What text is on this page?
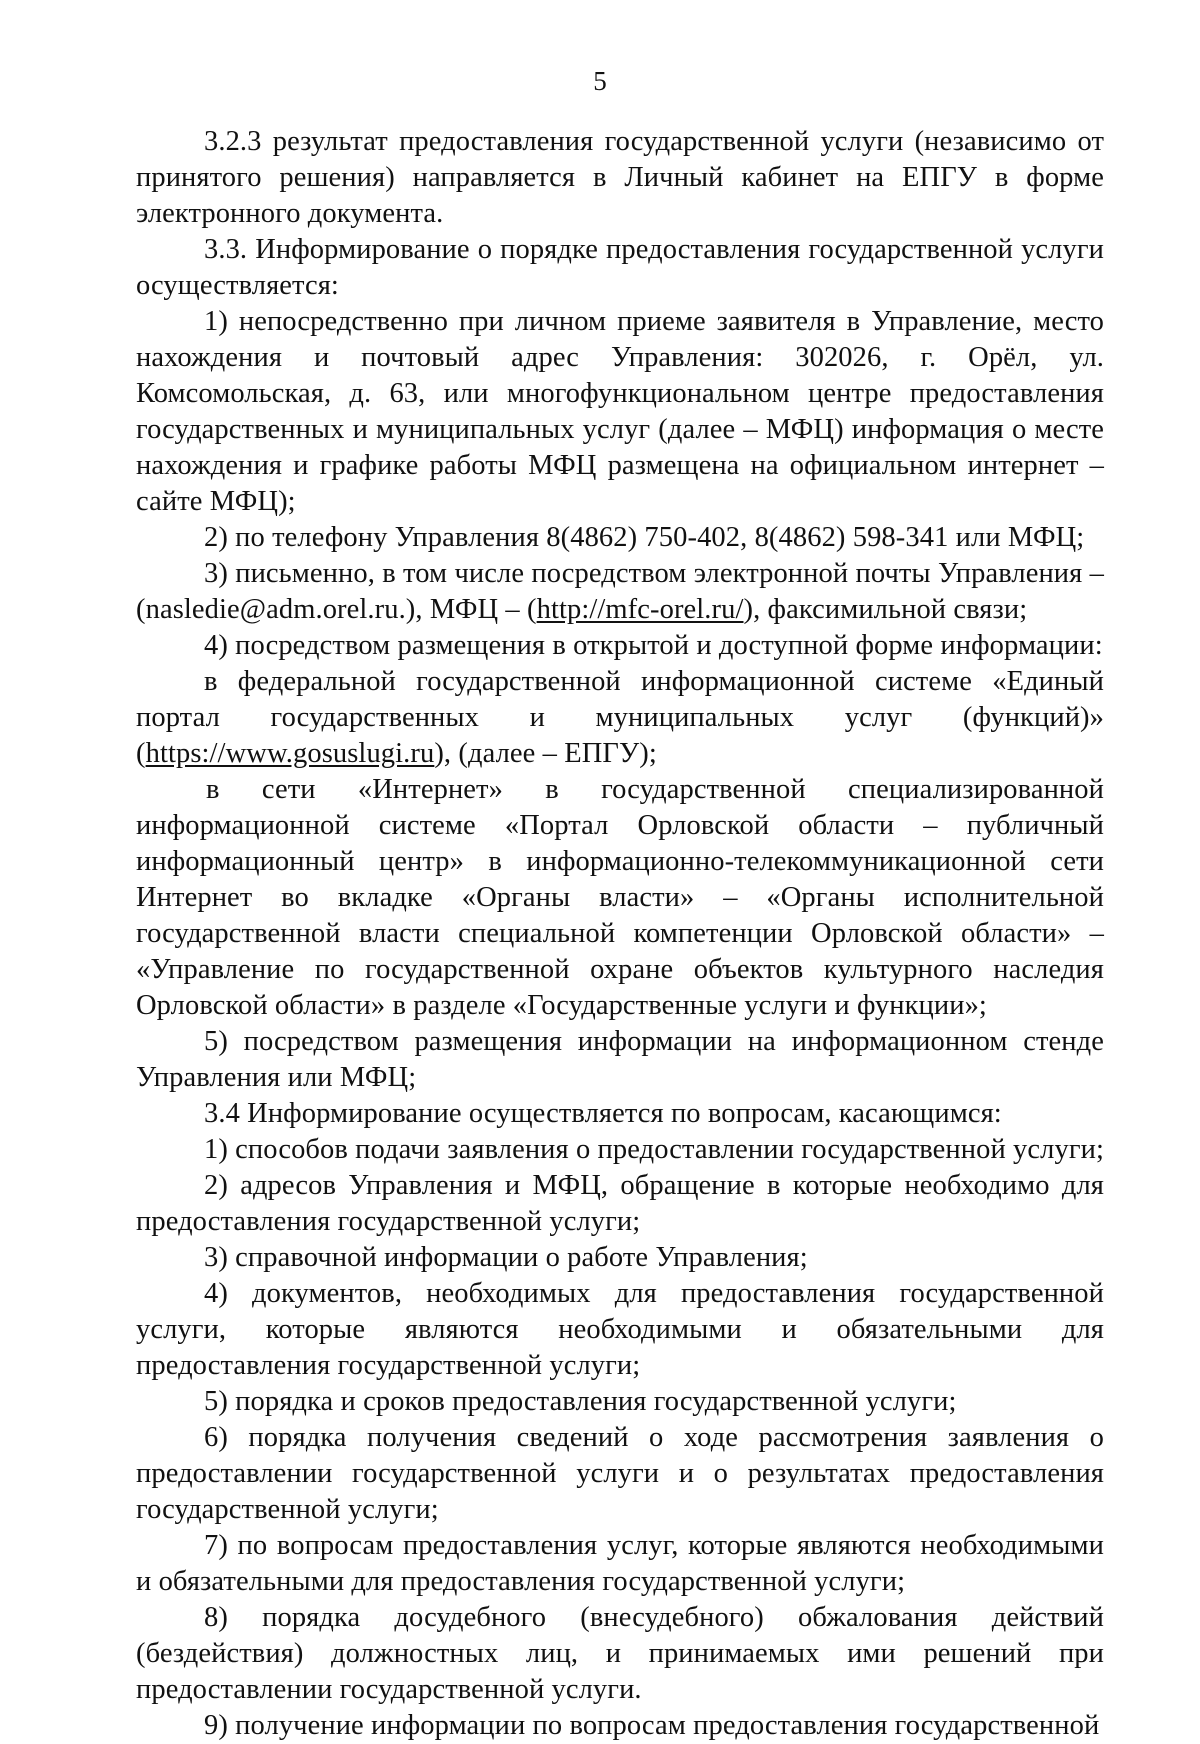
5

3.2.3 результат предоставления государственной услуги (независимо от принятого решения) направляется в Личный кабинет на ЕПГУ в форме электронного документа.

3.3. Информирование о порядке предоставления государственной услуги осуществляется:

1) непосредственно при личном приеме заявителя в Управление, место нахождения и почтовый адрес Управления: 302026, г. Орёл, ул. Комсомольская, д. 63, или многофункциональном центре предоставления государственных и муниципальных услуг (далее – МФЦ) информация о месте нахождения и графике работы МФЦ размещена на официальном интернет – сайте МФЦ);

2) по телефону Управления 8(4862) 750-402, 8(4862) 598-341 или МФЦ;

3) письменно, в том числе посредством электронной почты Управления – (nasledie@adm.orel.ru.), МФЦ – (http://mfc-orel.ru/), факсимильной связи;

4) посредством размещения в открытой и доступной форме информации:

в федеральной государственной информационной системе «Единый портал государственных и муниципальных услуг (функций)» (https://www.gosuslugi.ru), (далее – ЕПГУ);

в сети «Интернет» в государственной специализированной информационной системе «Портал Орловской области – публичный информационный центр» в информационно-телекоммуникационной сети Интернет во вкладке «Органы власти» – «Органы исполнительной государственной власти специальной компетенции Орловской области» – «Управление по государственной охране объектов культурного наследия Орловской области» в разделе «Государственные услуги и функции»;

5) посредством размещения информации на информационном стенде Управления или МФЦ;

3.4 Информирование осуществляется по вопросам, касающимся:

1) способов подачи заявления о предоставлении государственной услуги;

2) адресов Управления и МФЦ, обращение в которые необходимо для предоставления государственной услуги;

3) справочной информации о работе Управления;

4) документов, необходимых для предоставления государственной услуги, которые являются необходимыми и обязательными для предоставления государственной услуги;

5) порядка и сроков предоставления государственной услуги;

6) порядка получения сведений о ходе рассмотрения заявления о предоставлении государственной услуги и о результатах предоставления государственной услуги;

7) по вопросам предоставления услуг, которые являются необходимыми и обязательными для предоставления государственной услуги;

8) порядка досудебного (внесудебного) обжалования действий (бездействия) должностных лиц, и принимаемых ими решений при предоставлении государственной услуги.

9) получение информации по вопросам предоставления государственной
